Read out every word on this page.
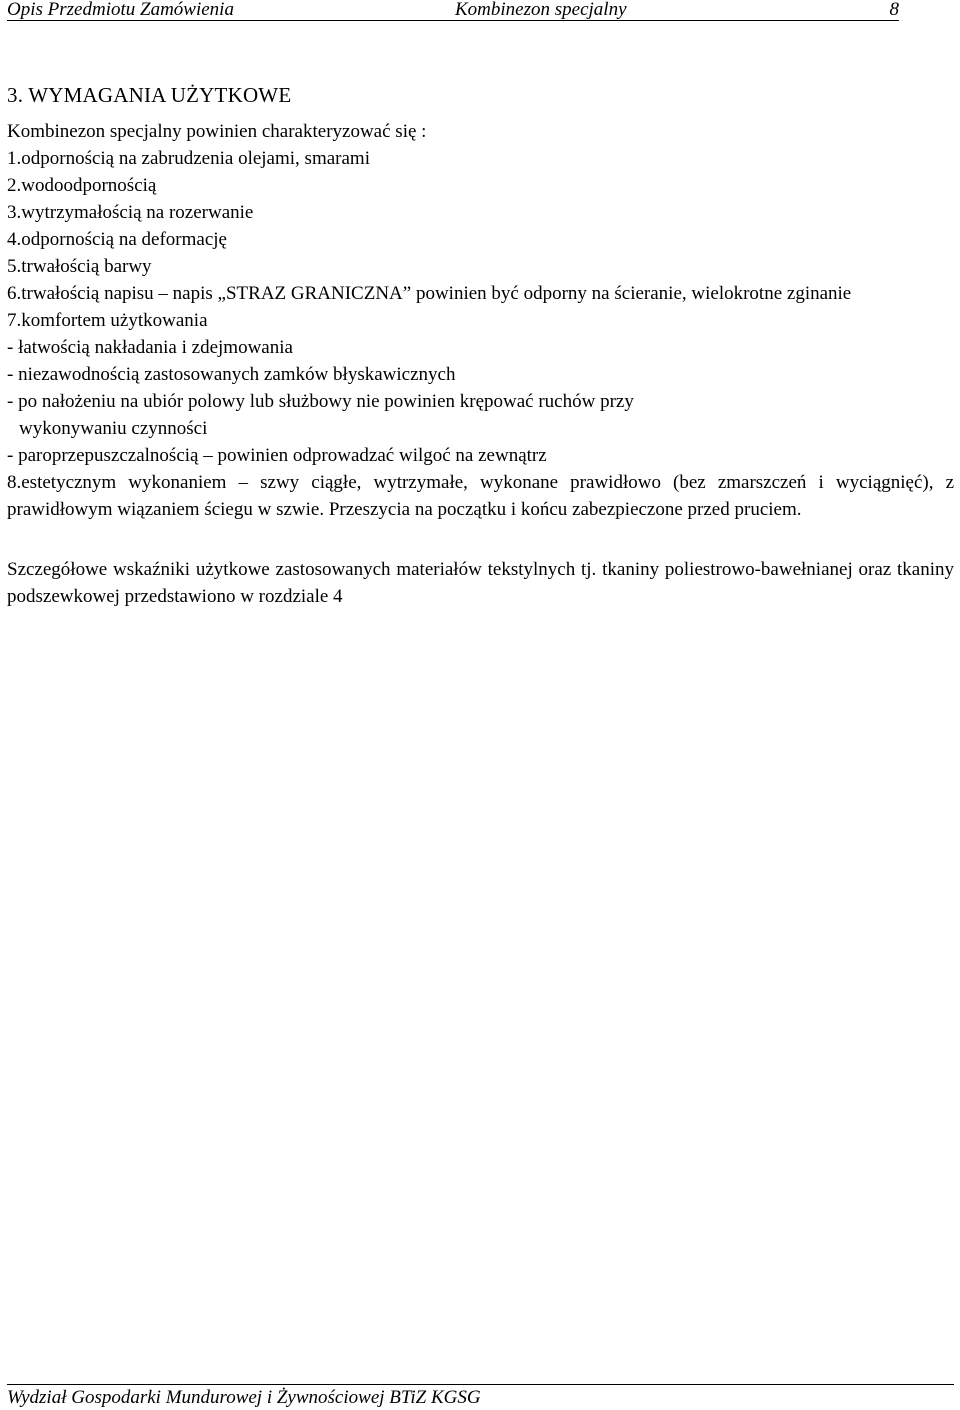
Opis Przedmiotu Zamówienia	Kombinezon specjalny	8

3. WYMAGANIA UŻYTKOWE

Kombinezon specjalny powinien charakteryzować się :

1.odpornością na zabrudzenia olejami, smarami

2.wodoodpornością

3.wytrzymałością na rozerwanie

4.odpornością na deformację

5.trwałością barwy

6.trwałością napisu – napis „STRAZ GRANICZNA” powinien być odporny na ścieranie, wielokrotne zginanie

7.komfortem użytkowania

- łatwością nakładania i zdejmowania

- niezawodnością zastosowanych zamków błyskawicznych

- po nałożeniu na ubiór polowy lub służbowy nie powinien krępować ruchów przy

wykonywaniu czynności

- paroprzepuszczalnością – powinien odprowadzać wilgoć na zewnątrz

8.estetycznym wykonaniem – szwy ciągłe, wytrzymałe, wykonane prawidłowo (bez zmarszczeń i wyciągnięć), z prawidłowym wiązaniem ściegu w szwie. Przeszycia na początku i końcu zabezpieczone przed pruciem.

Szczegółowe wskaźniki użytkowe zastosowanych materiałów tekstylnych tj. tkaniny poliestrowo-bawełnianej oraz tkaniny podszewkowej przedstawiono w rozdziale 4

Wydział Gospodarki Mundurowej i Żywnościowej BTiZ KGSG
